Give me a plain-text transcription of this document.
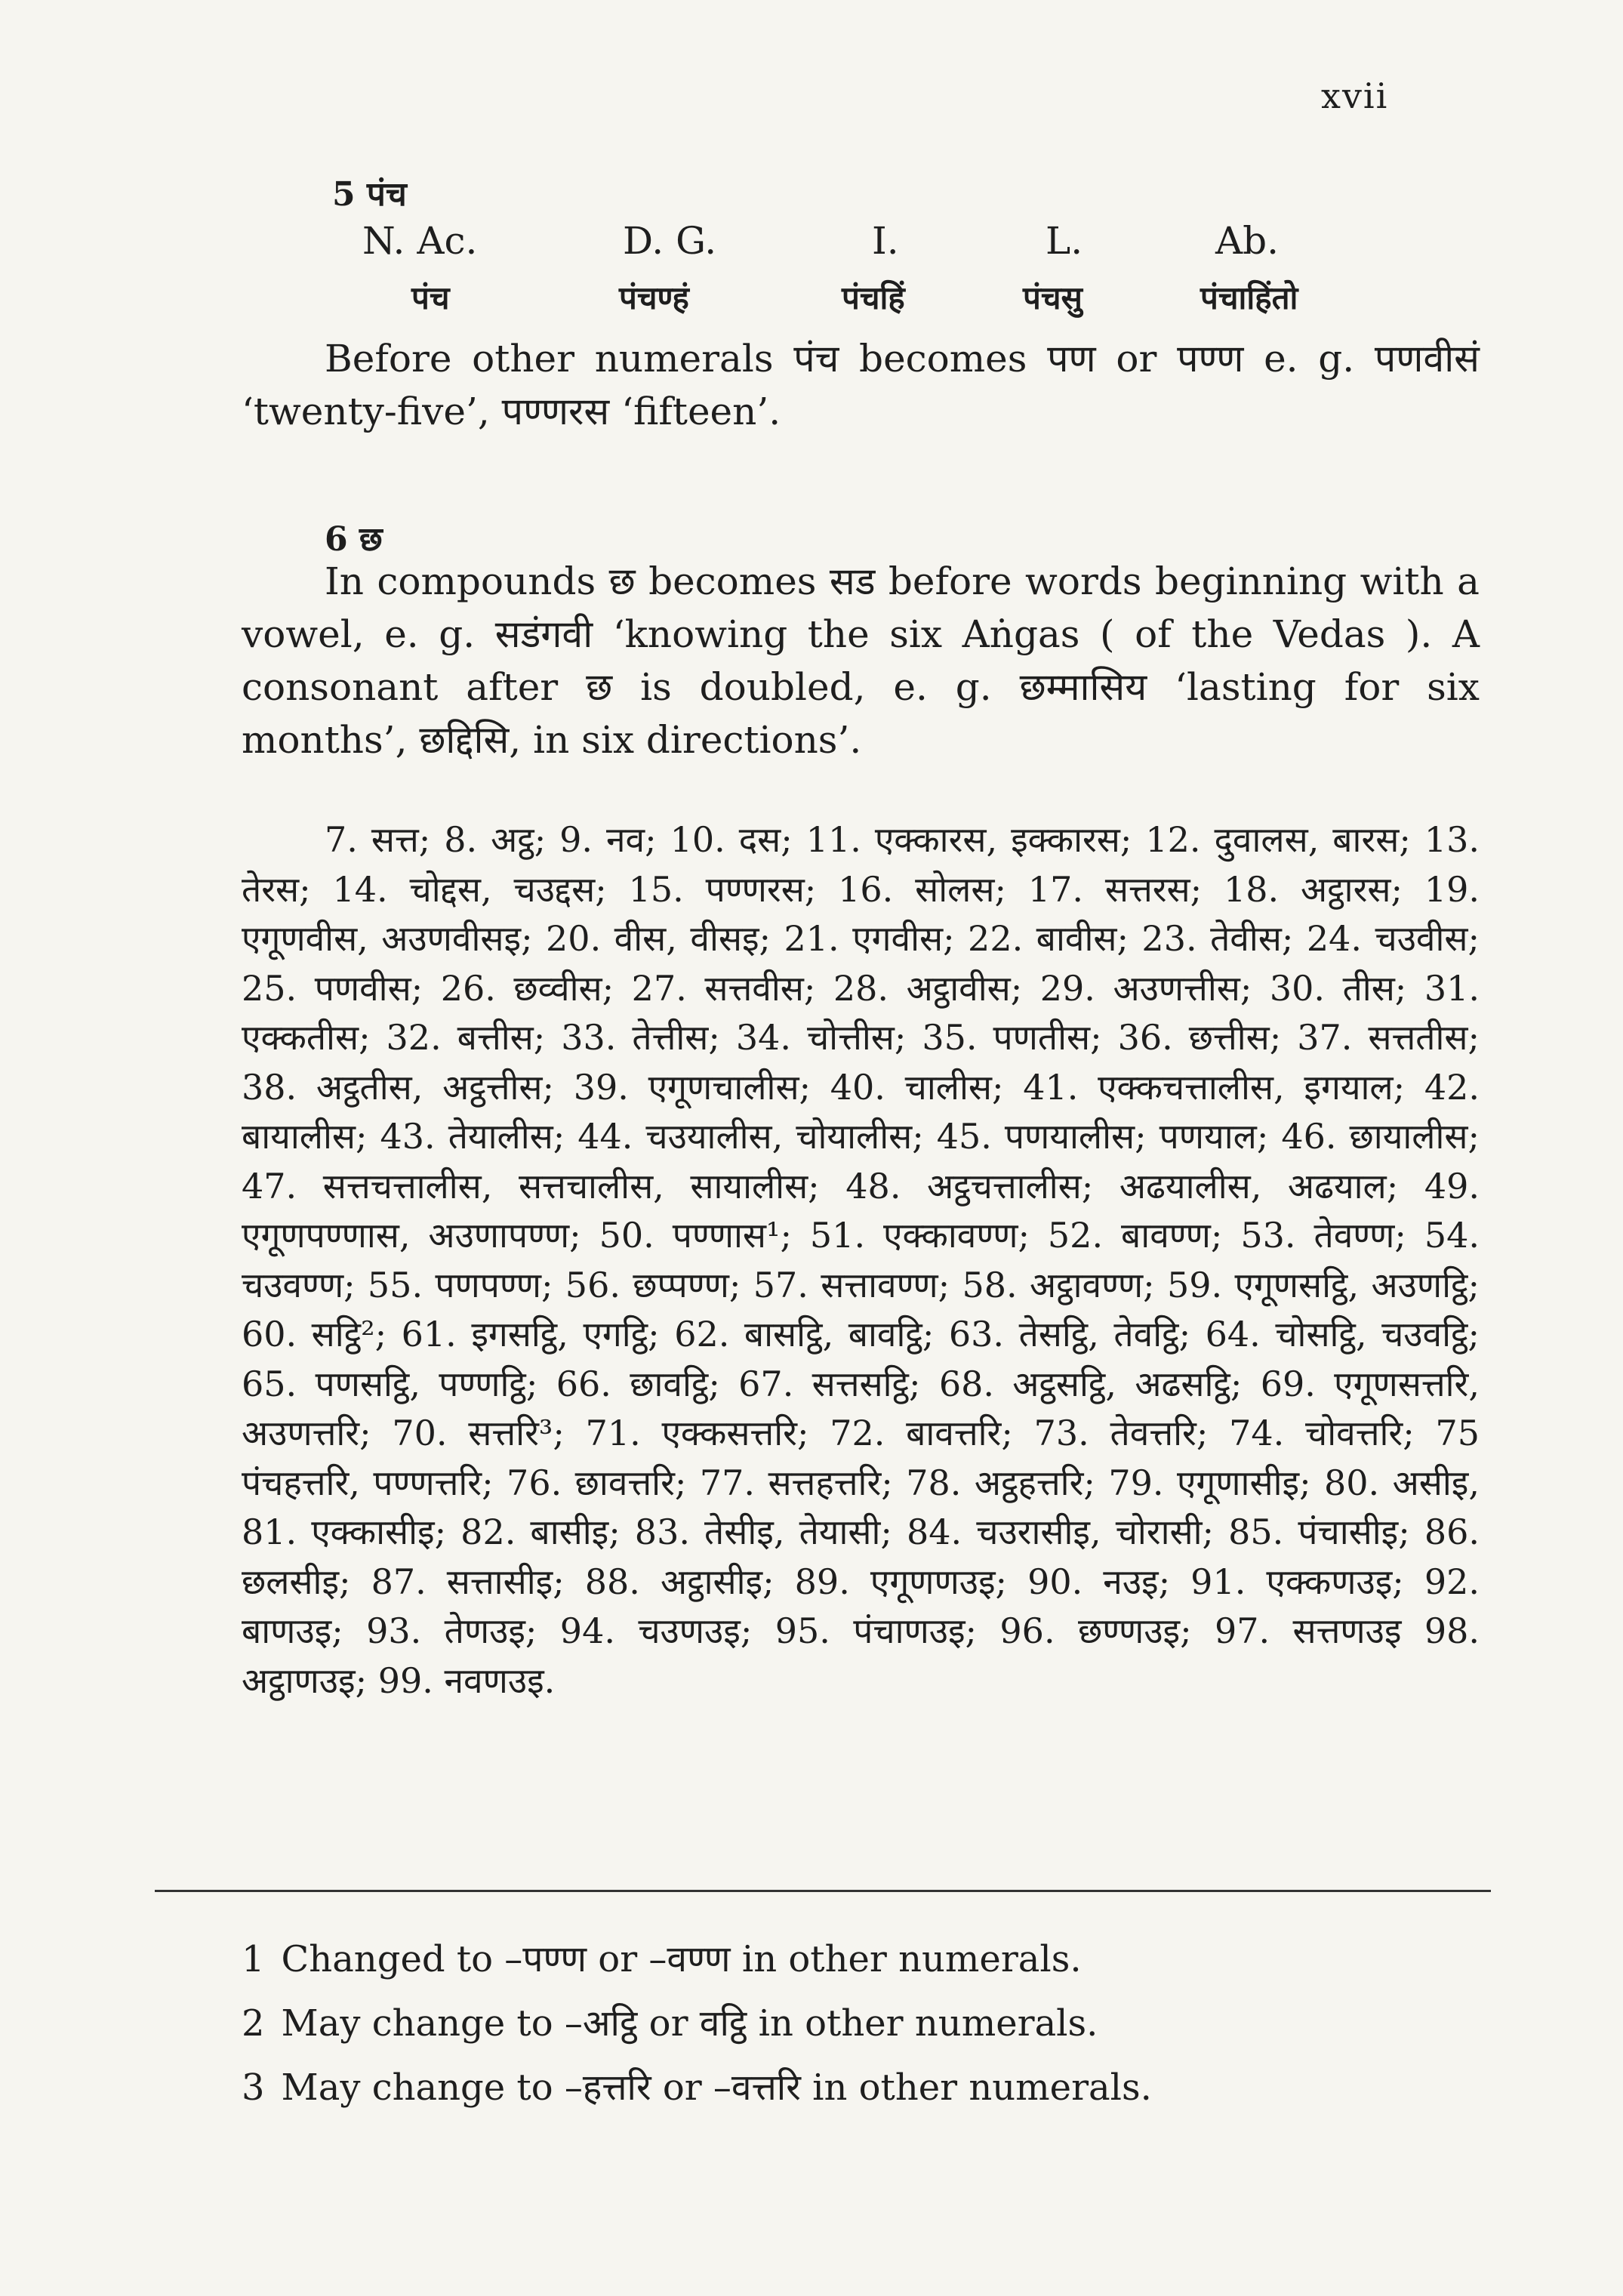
xvii
5 पंच
N. Ac.	D. G.	I.	L.	Ab.
पंच	पंचण्हं	पंचहिं	पंचसु	पंचाहिंतो

Before other numerals पंच becomes पण or पण्ण e. g. पणवीसं ‘twenty-five’, पण्णरस ‘fifteen’.

6 छ

In compounds छ becomes सड before words beginning with a vowel, e. g. सडंगवी ‘knowing the six Aṅgas ( of the Vedas ). A consonant after छ is doubled, e. g. छम्मासिय ‘lasting for six months’, छद्दिसि, in six directions’.

7. सत्त; 8. अट्ठ; 9. नव; 10. दस; 11. एक्कारस, इक्कारस; 12. दुवालस, बारस; 13. तेरस; 14. चोद्दस, चउद्दस; 15. पण्णरस; 16. सोलस; 17. सत्तरस; 18. अट्ठारस; 19. एगूणवीस, अउणवीसइ; 20. वीस, वीसइ; 21. एगवीस; 22. बावीस; 23. तेवीस; 24. चउवीस; 25. पणवीस; 26. छव्वीस; 27. सत्तवीस; 28. अट्ठावीस; 29. अउणत्तीस; 30. तीस; 31. एक्कतीस; 32. बत्तीस; 33. तेत्तीस; 34. चोत्तीस; 35. पणतीस; 36. छत्तीस; 37. सत्ततीस; 38. अट्ठतीस, अट्ठत्तीस; 39. एगूणचालीस; 40. चालीस; 41. एक्कचत्तालीस, इगयाल; 42. बायालीस; 43. तेयालीस; 44. चउयालीस, चोयालीस; 45. पणयालीस; पणयाल; 46. छायालीस; 47. सत्तचत्तालीस, सत्तचालीस, सायालीस; 48. अट्ठचत्तालीस; अढयालीस, अढयाल; 49. एगूणपण्णास, अउणापण्ण; 50. पण्णास¹; 51. एक्कावण्ण; 52. बावण्ण; 53. तेवण्ण; 54. चउवण्ण; 55. पणपण्ण; 56. छप्पण्ण; 57. सत्तावण्ण; 58. अट्ठावण्ण; 59. एगूणसट्ठि, अउणट्ठि; 60. सट्ठि²; 61. इगसट्ठि, एगट्ठि; 62. बासट्ठि, बावट्ठि; 63. तेसट्ठि, तेवट्ठि; 64. चोसट्ठि, चउवट्ठि; 65. पणसट्ठि, पण्णट्ठि; 66. छावट्ठि; 67. सत्तसट्ठि; 68. अट्ठसट्ठि, अढसट्ठि; 69. एगूणसत्तरि, अउणत्तरि; 70. सत्तरि³; 71. एक्कसत्तरि; 72. बावत्तरि; 73. तेवत्तरि; 74. चोवत्तरि; 75 पंचहत्तरि, पण्णत्तरि; 76. छावत्तरि; 77. सत्तहत्तरि; 78. अट्ठहत्तरि; 79. एगूणासीइ; 80. असीइ, 81. एक्कासीइ; 82. बासीइ; 83. तेसीइ, तेयासी; 84. चउरासीइ, चोरासी; 85. पंचासीइ; 86. छलसीइ; 87. सत्तासीइ; 88. अट्ठासीइ; 89. एगूणणउइ; 90. नउइ; 91. एक्कणउइ; 92. बाणउइ; 93. तेणउइ; 94. चउणउइ; 95. पंचाणउइ; 96. छण्णउइ; 97. सत्तणउइ 98. अट्ठाणउइ; 99. नवणउइ.

1 Changed to –पण्ण or –वण्ण in other numerals.
2 May change to –अट्ठि or वट्ठि in other numerals.
3 May change to –हत्तरि or –वत्तरि in other numerals.
